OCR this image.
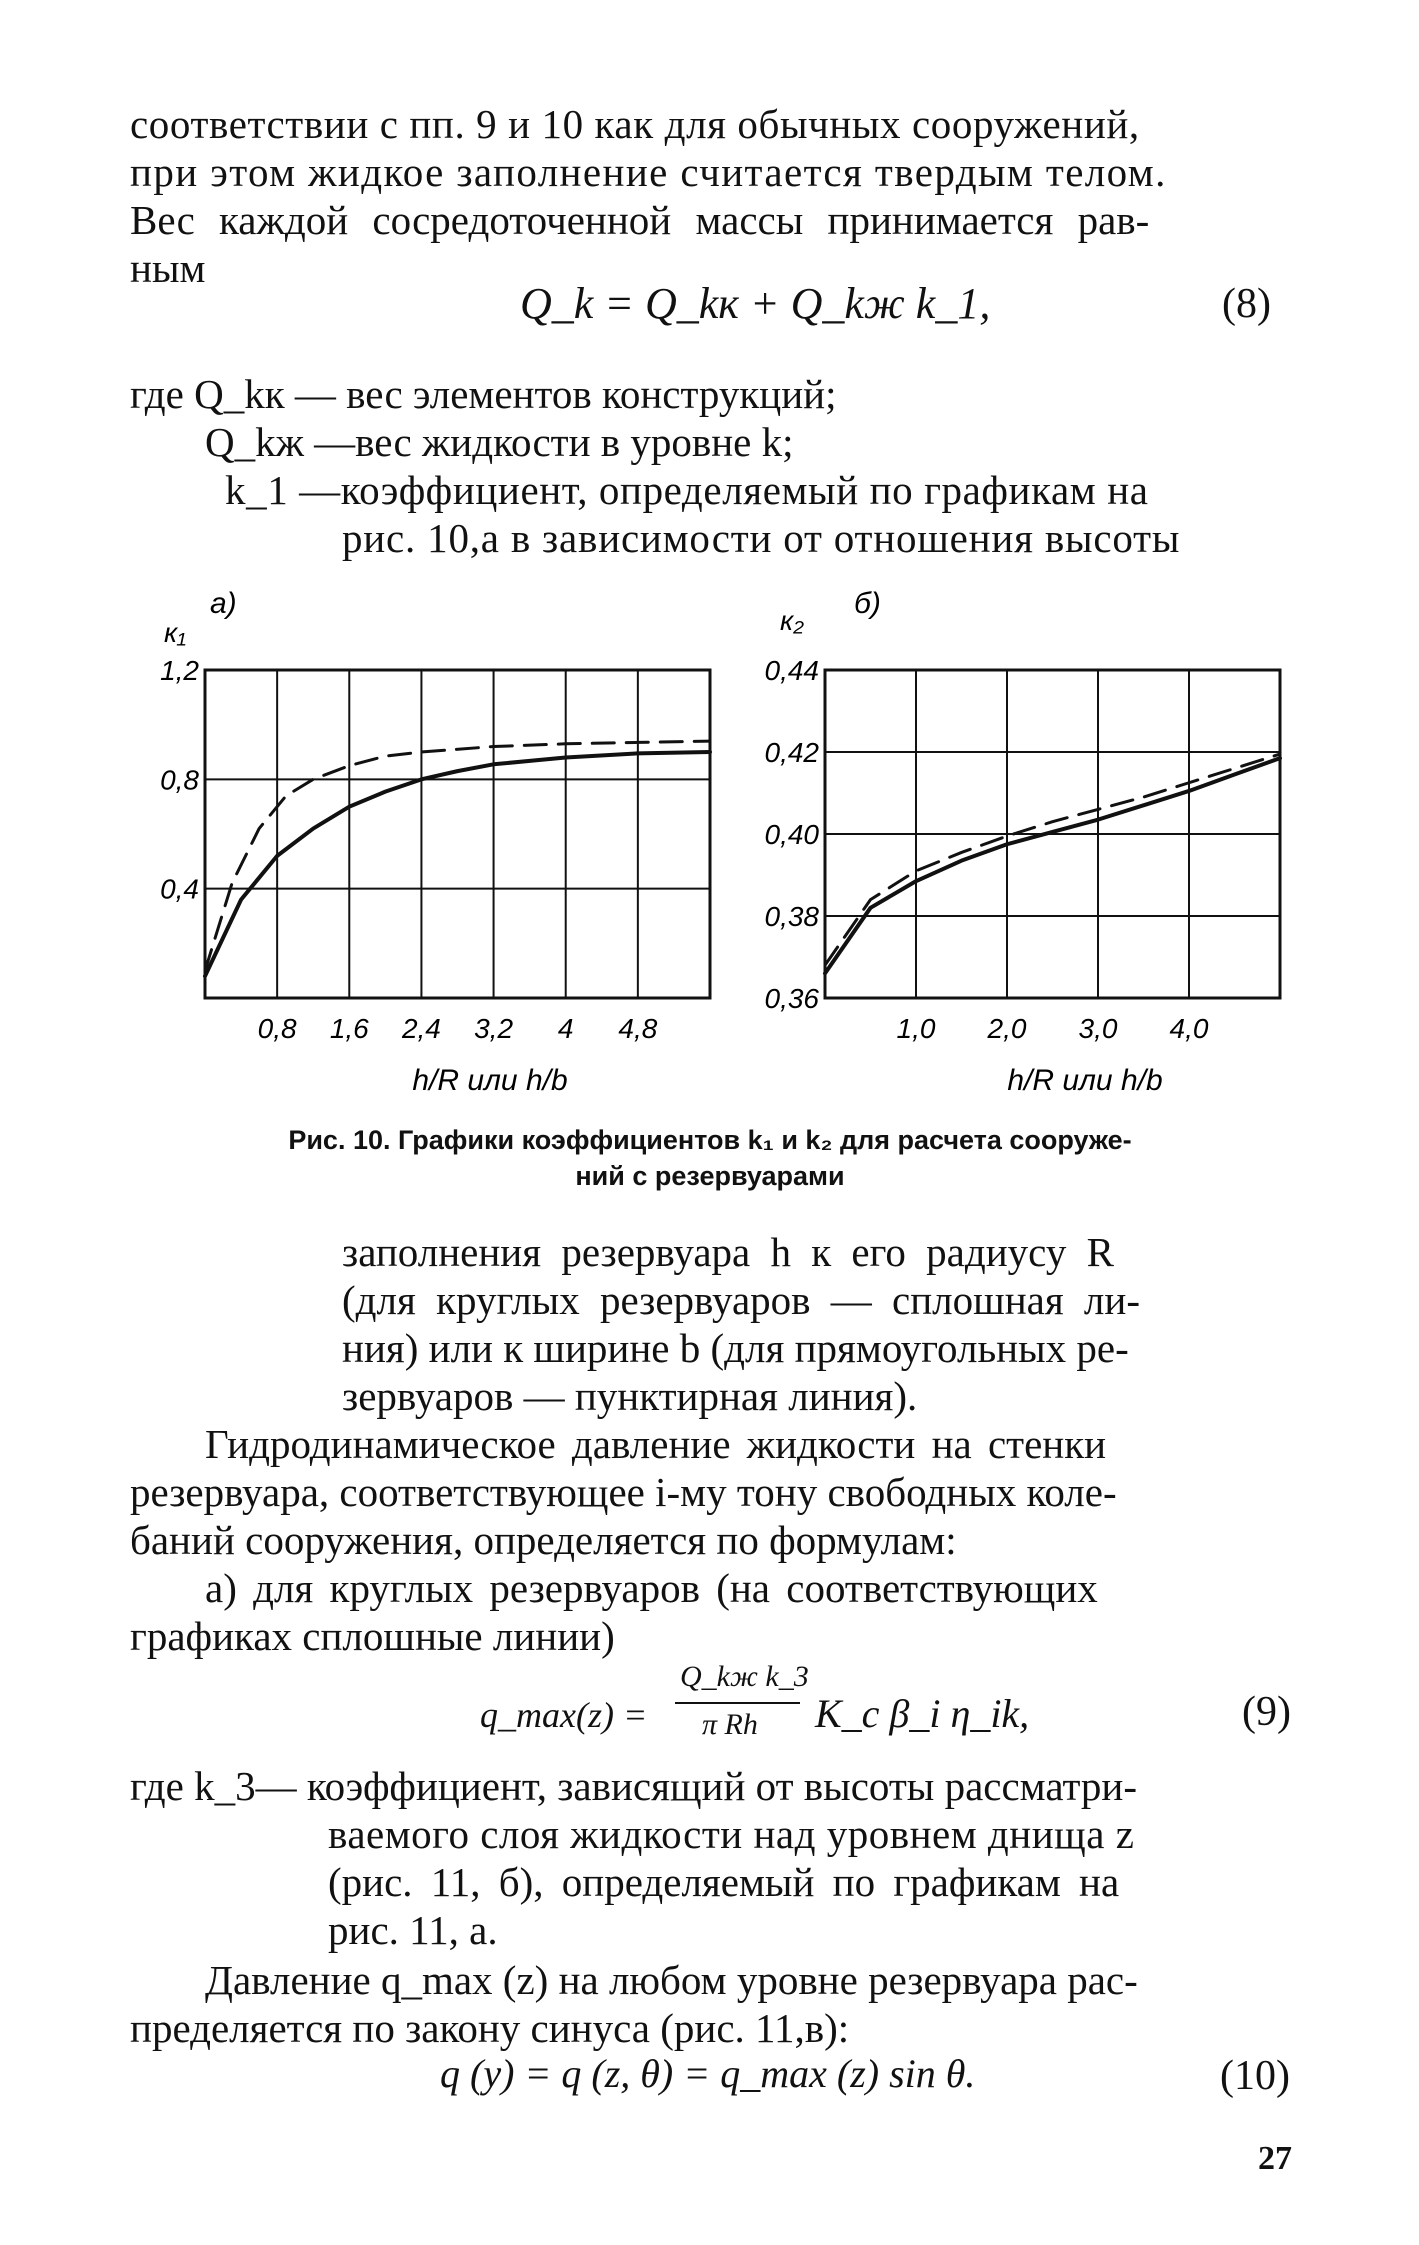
соответствии с пп. 9 и 10 как для обычных сооружений,
при этом жидкое заполнение считается твердым телом.
Вес каждой сосредоточенной массы принимается рав-
ным
Q_k = Q_kк + Q_kж k_1,	(8)
где Q_kк — вес элементов конструкций;
Q_kж —вес жидкости в уровне k;
k_1 —коэффициент, определяемый по графикам на
рис. 10,а в зависимости от отношения высоты
0,8 1,6 2,4 3,2 4 4,8
0,4
0,8
1,2
а)
к₁
h/R или h/b
1,0 2,0 3,0 4,0
0,36
0,38
0,40
0,42
0,44
б)
к₂
h/R или h/b
Рис. 10. Графики коэффициентов k₁ и k₂ для расчета сооруже-
ний с резервуарами
заполнения резервуара h к его радиусу R
(для круглых резервуаров — сплошная ли-
ния) или к ширине b (для прямоугольных ре-
зервуаров — пунктирная линия).
Гидродинамическое давление жидкости на стенки
резервуара, соответствующее i-му тону свободных коле-
баний сооружения, определяется по формулам:
а) для круглых резервуаров (на соответствующих
графиках сплошные линии)
q_max(z) =
Q_kж k_3
π Rh K_c β_i η_ik,	(9)
где k_3— коэффициент, зависящий от высоты рассматри-
ваемого слоя жидкости над уровнем днища z
(рис. 11, б), определяемый по графикам на
рис. 11, а.
Давление q_max (z) на любом уровне резервуара рас-
пределяется по закону синуса (рис. 11,в):
q (y) = q (z, θ) = q_max (z) sin θ.	(10)
27
